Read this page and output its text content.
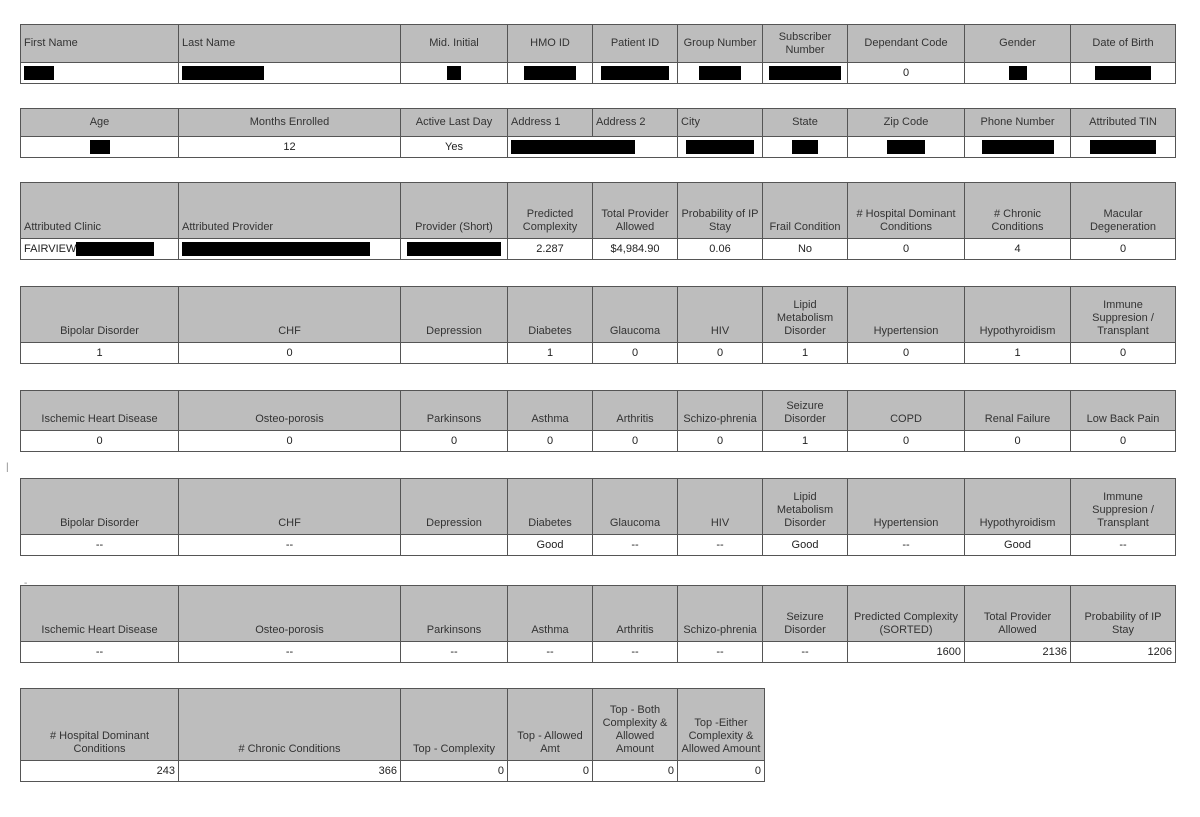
First Name	Last Name	Mid. Initial	HMO ID	Patient ID	Group Number	Subscriber Number	Dependant Code	Gender	Date of Birth
							0		
Age	Months Enrolled	Active Last Day	Address 1	Address 2	City	State	Zip Code	Phone Number	Attributed TIN
	12	Yes							
Attributed Clinic	Attributed Provider	Provider (Short)	Predicted Complexity	Total Provider Allowed	Probability of IP Stay	Frail Condition	# Hospital Dominant Conditions	# Chronic Conditions	Macular Degeneration
FAIRVIEW			2.287	$4,984.90	0.06	No	0	4	0
Bipolar Disorder	CHF	Depression	Diabetes	Glaucoma	HIV	Lipid Metabolism Disorder	Hypertension	Hypothyroidism	Immune Suppresion / Transplant
1	0		1	0	0	1	0	1	0
Ischemic Heart Disease	Osteo-porosis	Parkinsons	Asthma	Arthritis	Schizo-phrenia	Seizure Disorder	COPD	Renal Failure	Low Back Pain
0	0	0	0	0	0	1	0	0	0
|
Bipolar Disorder	CHF	Depression	Diabetes	Glaucoma	HIV	Lipid Metabolism Disorder	Hypertension	Hypothyroidism	Immune Suppresion / Transplant
--	--		Good	--	--	Good	--	Good	--
Ischemic Heart Disease	Osteo-porosis	Parkinsons	Asthma	Arthritis	Schizo-phrenia	Seizure Disorder	Predicted Complexity (SORTED)	Total Provider Allowed	Probability of IP Stay
--	--	--	--	--	--	--	1600	2136	1206
-
# Hospital Dominant Conditions	# Chronic Conditions	Top - Complexity	Top - Allowed Amt	Top - Both Complexity & Allowed Amount	Top -Either Complexity & Allowed Amount
243	366	0	0	0	0
